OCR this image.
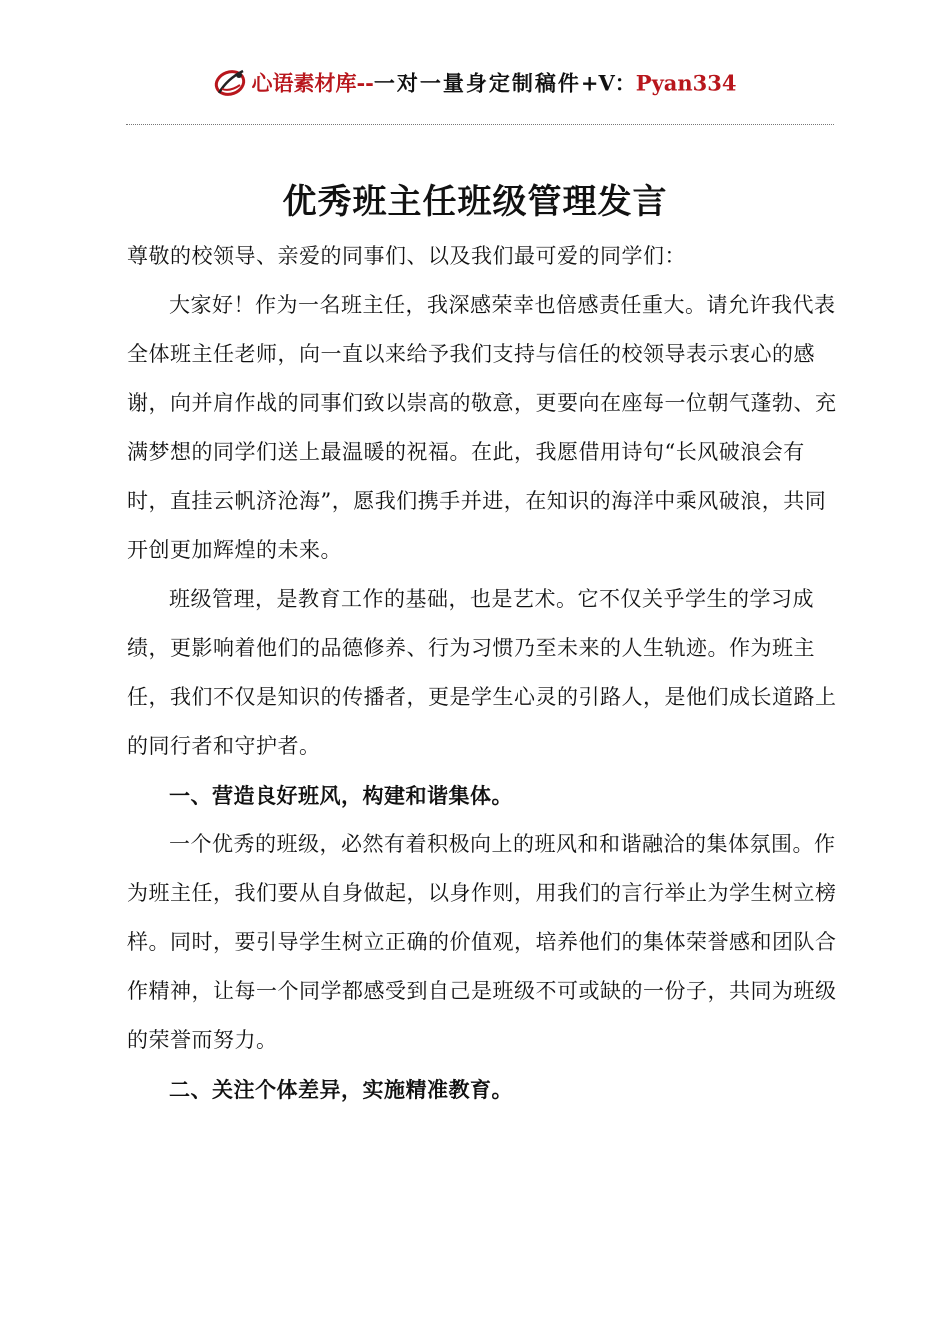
心语素材库--一对一量身定制稿件+V：Pyan334
优秀班主任班级管理发言

尊敬的校领导、亲爱的同事们、以及我们最可爱的同学们：

大家好！作为一名班主任，我深感荣幸也倍感责任重大。请允许我代表全体班主任老师，向一直以来给予我们支持与信任的校领导表示衷心的感谢，向并肩作战的同事们致以崇高的敬意，更要向在座每一位朝气蓬勃、充满梦想的同学们送上最温暖的祝福。在此，我愿借用诗句“长风破浪会有时，直挂云帆济沧海”，愿我们携手并进，在知识的海洋中乘风破浪，共同开创更加辉煌的未来。

班级管理，是教育工作的基础，也是艺术。它不仅关乎学生的学习成绩，更影响着他们的品德修养、行为习惯乃至未来的人生轨迹。作为班主任，我们不仅是知识的传播者，更是学生心灵的引路人，是他们成长道路上的同行者和守护者。

一、营造良好班风，构建和谐集体。

一个优秀的班级，必然有着积极向上的班风和和谐融洽的集体氛围。作为班主任，我们要从自身做起，以身作则，用我们的言行举止为学生树立榜样。同时，要引导学生树立正确的价值观，培养他们的集体荣誉感和团队合作精神，让每一个同学都感受到自己是班级不可或缺的一份子，共同为班级的荣誉而努力。

二、关注个体差异，实施精准教育。
